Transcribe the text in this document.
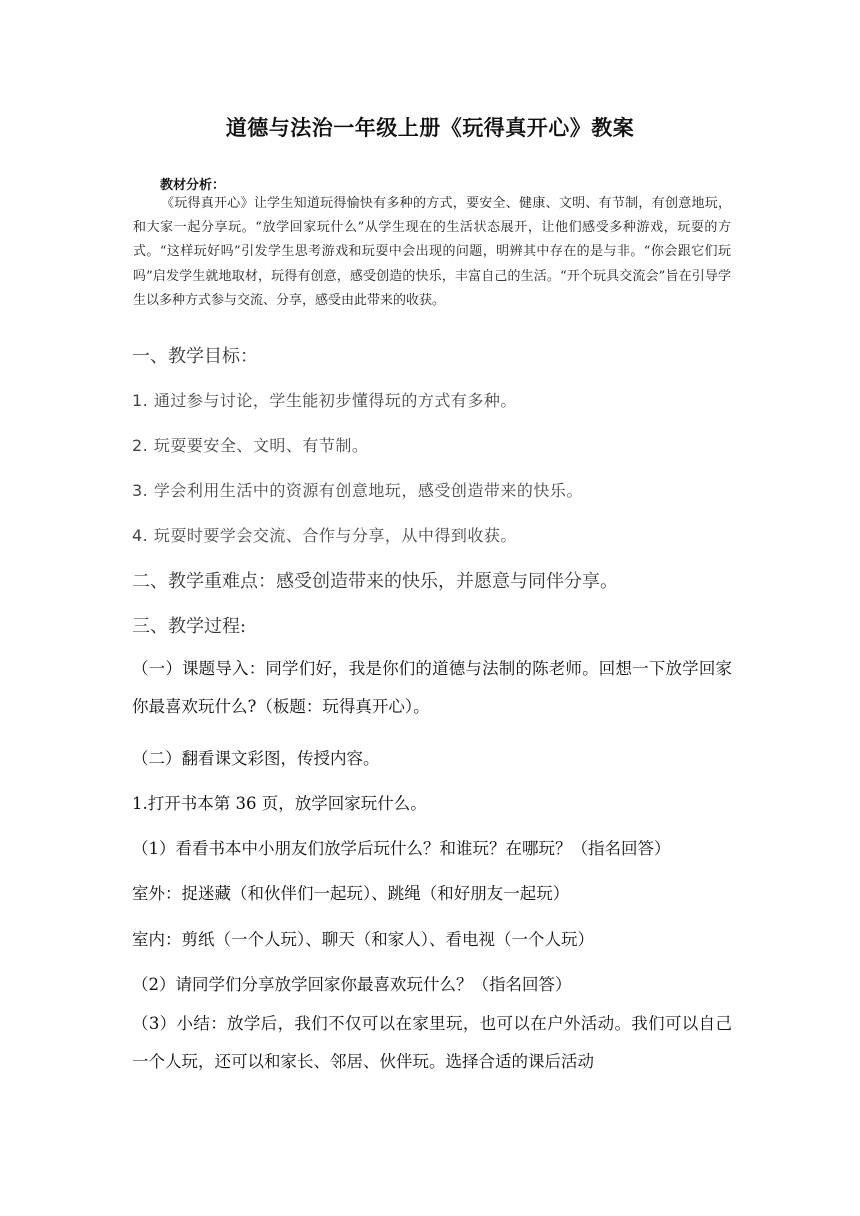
道德与法治一年级上册《玩得真开心》教案
教材分析：
《玩得真开心》让学生知道玩得愉快有多种的方式，要安全、健康、文明、有节制，有创意地玩，和大家一起分享玩。“放学回家玩什么”从学生现在的生活状态展开，让他们感受多种游戏，玩耍的方式。“这样玩好吗”引发学生思考游戏和玩耍中会出现的问题，明辨其中存在的是与非。“你会跟它们玩吗”启发学生就地取材，玩得有创意，感受创造的快乐，丰富自己的生活。“开个玩具交流会”旨在引导学生以多种方式参与交流、分享，感受由此带来的收获。
一、教学目标：
1. 通过参与讨论，学生能初步懂得玩的方式有多种。
2. 玩耍要安全、文明、有节制。
3. 学会利用生活中的资源有创意地玩，感受创造带来的快乐。
4. 玩耍时要学会交流、合作与分享，从中得到收获。
二、教学重难点：感受创造带来的快乐，并愿意与同伴分享。
三、教学过程:
（一）课题导入：同学们好，我是你们的道德与法制的陈老师。回想一下放学回家你最喜欢玩什么?（板题：玩得真开心）。
（二）翻看课文彩图，传授内容。
1.打开书本第 36 页，放学回家玩什么。
（1）看看书本中小朋友们放学后玩什么？和谁玩？在哪玩？（指名回答）
室外：捉迷藏（和伙伴们一起玩）、跳绳（和好朋友一起玩）
室内：剪纸（一个人玩）、聊天（和家人）、看电视（一个人玩）
（2）请同学们分享放学回家你最喜欢玩什么？（指名回答）
（3）小结：放学后，我们不仅可以在家里玩，也可以在户外活动。我们可以自己一个人玩，还可以和家长、邻居、伙伴玩。选择合适的课后活动
